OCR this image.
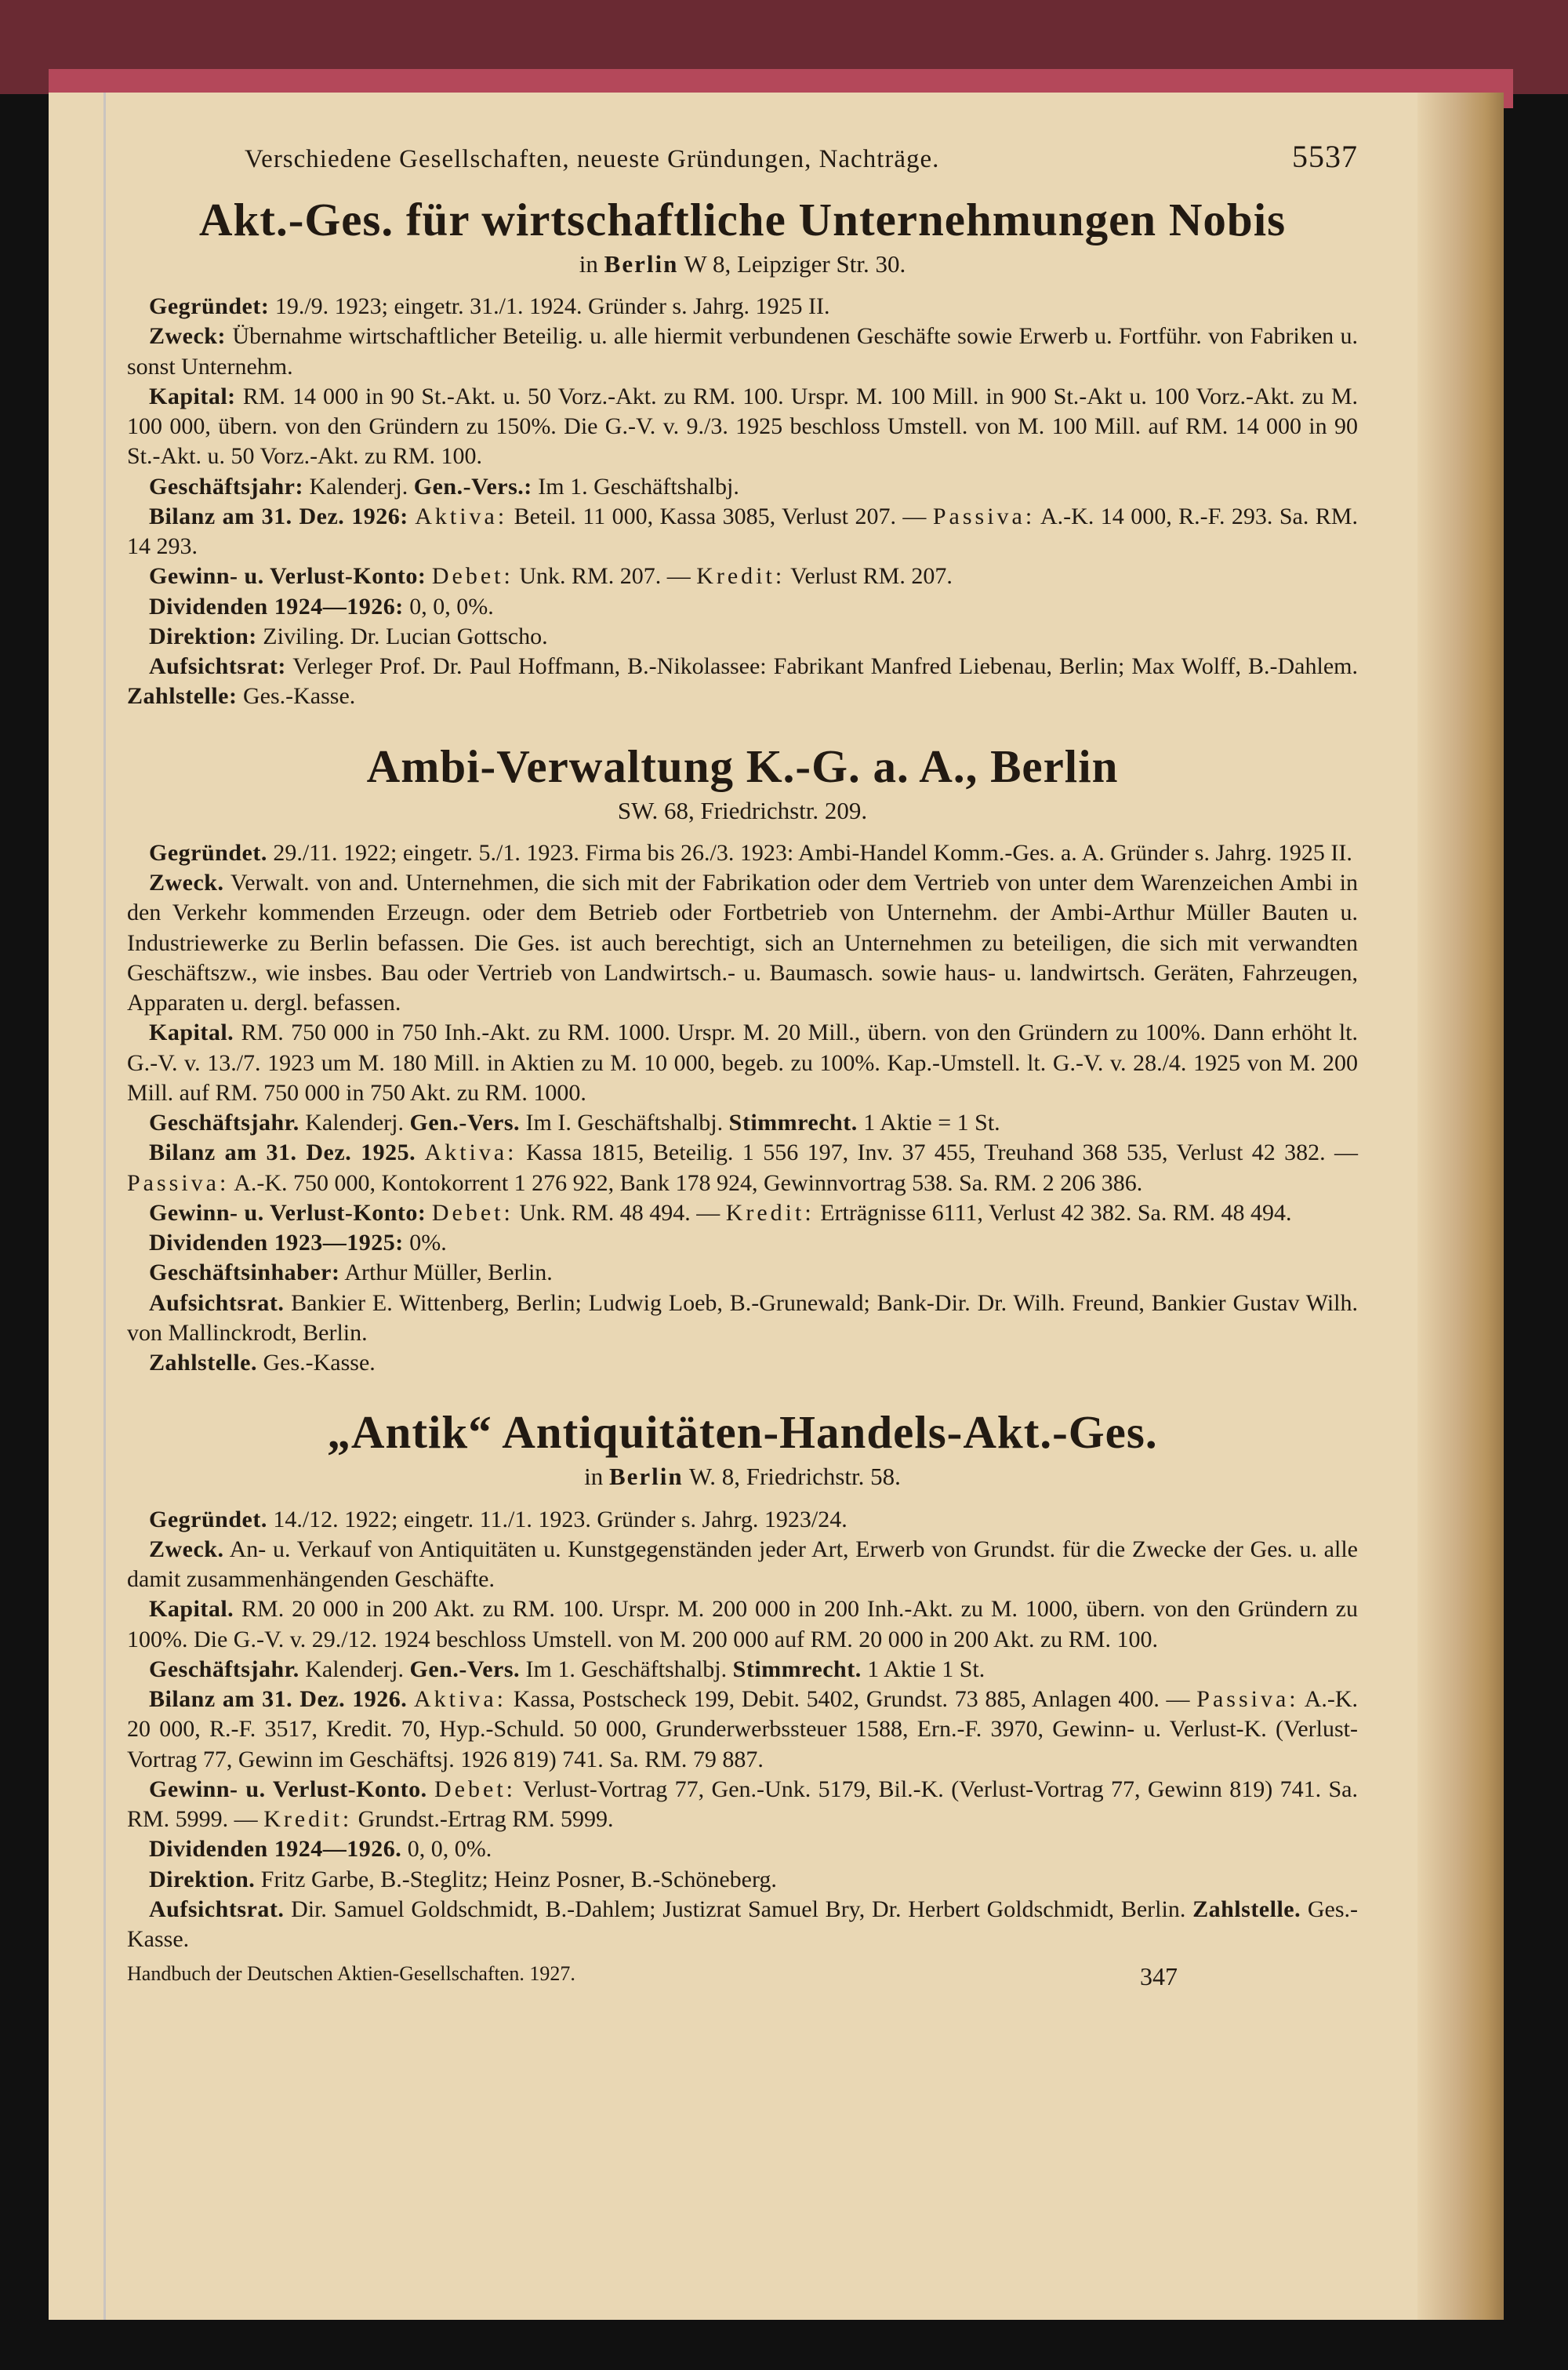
Verschiedene Gesellschaften, neueste Gründungen, Nachträge.	5537
Akt.-Ges. für wirtschaftliche Unternehmungen Nobis
in Berlin W 8, Leipziger Str. 30.

Gegründet: 19./9. 1923; eingetr. 31./1. 1924. Gründer s. Jahrg. 1925 II.

Zweck: Übernahme wirtschaftlicher Beteilig. u. alle hiermit verbundenen Geschäfte sowie Erwerb u. Fortführ. von Fabriken u. sonst Unternehm.

Kapital: RM. 14 000 in 90 St.-Akt. u. 50 Vorz.-Akt. zu RM. 100. Urspr. M. 100 Mill. in 900 St.-Akt u. 100 Vorz.-Akt. zu M. 100 000, übern. von den Gründern zu 150%. Die G.-V. v. 9./3. 1925 beschloss Umstell. von M. 100 Mill. auf RM. 14 000 in 90 St.-Akt. u. 50 Vorz.-Akt. zu RM. 100.

Geschäftsjahr: Kalenderj. Gen.-Vers.: Im 1. Geschäftshalbj.

Bilanz am 31. Dez. 1926: Aktiva: Beteil. 11 000, Kassa 3085, Verlust 207. — Passiva: A.-K. 14 000, R.-F. 293. Sa. RM. 14 293.

Gewinn- u. Verlust-Konto: Debet: Unk. RM. 207. — Kredit: Verlust RM. 207.

Dividenden 1924—1926: 0, 0, 0%.

Direktion: Ziviling. Dr. Lucian Gottscho.

Aufsichtsrat: Verleger Prof. Dr. Paul Hoffmann, B.-Nikolassee: Fabrikant Manfred Liebenau, Berlin; Max Wolff, B.-Dahlem. Zahlstelle: Ges.-Kasse.

Ambi-Verwaltung K.-G. a. A., Berlin
SW. 68, Friedrichstr. 209.

Gegründet. 29./11. 1922; eingetr. 5./1. 1923. Firma bis 26./3. 1923: Ambi-Handel Komm.-Ges. a. A. Gründer s. Jahrg. 1925 II.

Zweck. Verwalt. von and. Unternehmen, die sich mit der Fabrikation oder dem Vertrieb von unter dem Warenzeichen Ambi in den Verkehr kommenden Erzeugn. oder dem Betrieb oder Fortbetrieb von Unternehm. der Ambi-Arthur Müller Bauten u. Industriewerke zu Berlin befassen. Die Ges. ist auch berechtigt, sich an Unternehmen zu beteiligen, die sich mit verwandten Geschäftszw., wie insbes. Bau oder Vertrieb von Landwirtsch.- u. Baumasch. sowie haus- u. landwirtsch. Geräten, Fahrzeugen, Apparaten u. dergl. befassen.

Kapital. RM. 750 000 in 750 Inh.-Akt. zu RM. 1000. Urspr. M. 20 Mill., übern. von den Gründern zu 100%. Dann erhöht lt. G.-V. v. 13./7. 1923 um M. 180 Mill. in Aktien zu M. 10 000, begeb. zu 100%. Kap.-Umstell. lt. G.-V. v. 28./4. 1925 von M. 200 Mill. auf RM. 750 000 in 750 Akt. zu RM. 1000.

Geschäftsjahr. Kalenderj. Gen.-Vers. Im I. Geschäftshalbj. Stimmrecht. 1 Aktie = 1 St.

Bilanz am 31. Dez. 1925. Aktiva: Kassa 1815, Beteilig. 1 556 197, Inv. 37 455, Treuhand 368 535, Verlust 42 382. — Passiva: A.-K. 750 000, Kontokorrent 1 276 922, Bank 178 924, Gewinnvortrag 538. Sa. RM. 2 206 386.

Gewinn- u. Verlust-Konto: Debet: Unk. RM. 48 494. — Kredit: Erträgnisse 6111, Verlust 42 382. Sa. RM. 48 494.

Dividenden 1923—1925: 0%.

Geschäftsinhaber: Arthur Müller, Berlin.

Aufsichtsrat. Bankier E. Wittenberg, Berlin; Ludwig Loeb, B.-Grunewald; Bank-Dir. Dr. Wilh. Freund, Bankier Gustav Wilh. von Mallinckrodt, Berlin.

Zahlstelle. Ges.-Kasse.

„Antik“ Antiquitäten-Handels-Akt.-Ges.
in Berlin W. 8, Friedrichstr. 58.

Gegründet. 14./12. 1922; eingetr. 11./1. 1923. Gründer s. Jahrg. 1923/24.

Zweck. An- u. Verkauf von Antiquitäten u. Kunstgegenständen jeder Art, Erwerb von Grundst. für die Zwecke der Ges. u. alle damit zusammenhängenden Geschäfte.

Kapital. RM. 20 000 in 200 Akt. zu RM. 100. Urspr. M. 200 000 in 200 Inh.-Akt. zu M. 1000, übern. von den Gründern zu 100%. Die G.-V. v. 29./12. 1924 beschloss Umstell. von M. 200 000 auf RM. 20 000 in 200 Akt. zu RM. 100.

Geschäftsjahr. Kalenderj. Gen.-Vers. Im 1. Geschäftshalbj. Stimmrecht. 1 Aktie 1 St.

Bilanz am 31. Dez. 1926. Aktiva: Kassa, Postscheck 199, Debit. 5402, Grundst. 73 885, Anlagen 400. — Passiva: A.-K. 20 000, R.-F. 3517, Kredit. 70, Hyp.-Schuld. 50 000, Grunderwerbssteuer 1588, Ern.-F. 3970, Gewinn- u. Verlust-K. (Verlust-Vortrag 77, Gewinn im Geschäftsj. 1926 819) 741. Sa. RM. 79 887.

Gewinn- u. Verlust-Konto. Debet: Verlust-Vortrag 77, Gen.-Unk. 5179, Bil.-K. (Verlust-Vortrag 77, Gewinn 819) 741. Sa. RM. 5999. — Kredit: Grundst.-Ertrag RM. 5999.

Dividenden 1924—1926. 0, 0, 0%.

Direktion. Fritz Garbe, B.-Steglitz; Heinz Posner, B.-Schöneberg.

Aufsichtsrat. Dir. Samuel Goldschmidt, B.-Dahlem; Justizrat Samuel Bry, Dr. Herbert Goldschmidt, Berlin. Zahlstelle. Ges.-Kasse.

Handbuch der Deutschen Aktien-Gesellschaften. 1927.	347
